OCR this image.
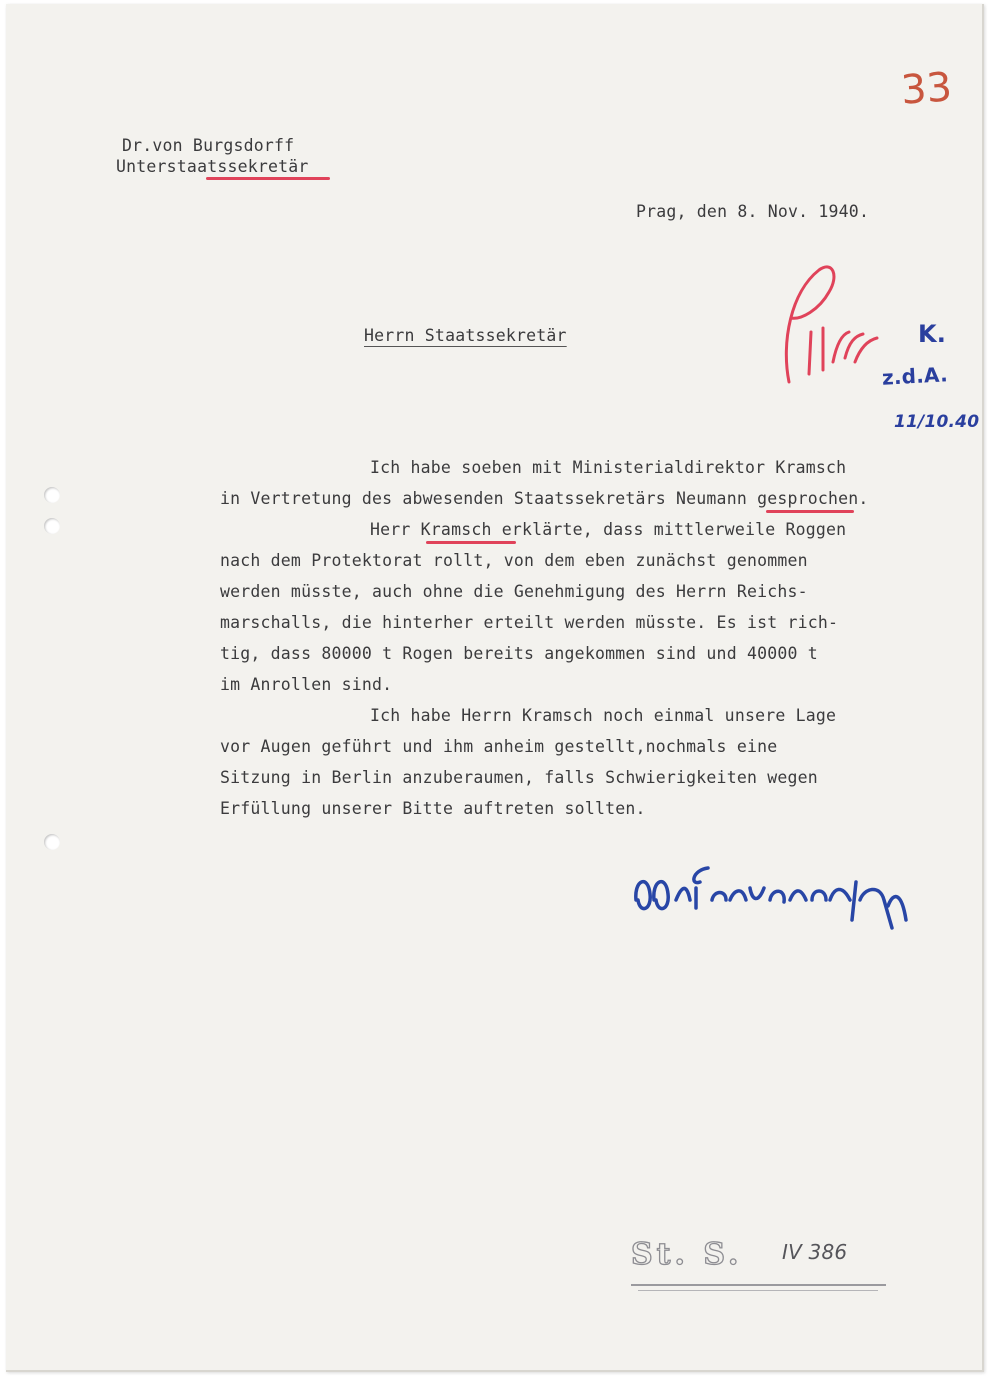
33
Dr.von Burgsdorff
Unterstaatssekretär
Prag, den 8. Nov. 1940.
Herrn Staatssekretär	K.
z.d.A.
11/10.40
Ich habe soeben mit Ministerialdirektor Kramsch
in Vertretung des abwesenden Staatssekretärs Neumann gesprochen.
Herr Kramsch erklärte, dass mittlerweile Roggen
nach dem Protektorat rollt, von dem eben zunächst genommen
werden müsste, auch ohne die Genehmigung des Herrn Reichs-
marschalls, die hinterher erteilt werden müsste. Es ist rich-
tig, dass 80000 t Rogen bereits angekommen sind und 40000 t
im Anrollen sind.
Ich habe Herrn Kramsch noch einmal unsere Lage
vor Augen geführt und ihm anheim gestellt,nochmals eine
Sitzung in Berlin anzuberaumen, falls Schwierigkeiten wegen
Erfüllung unserer Bitte auftreten sollten.
St. S. IV 386
